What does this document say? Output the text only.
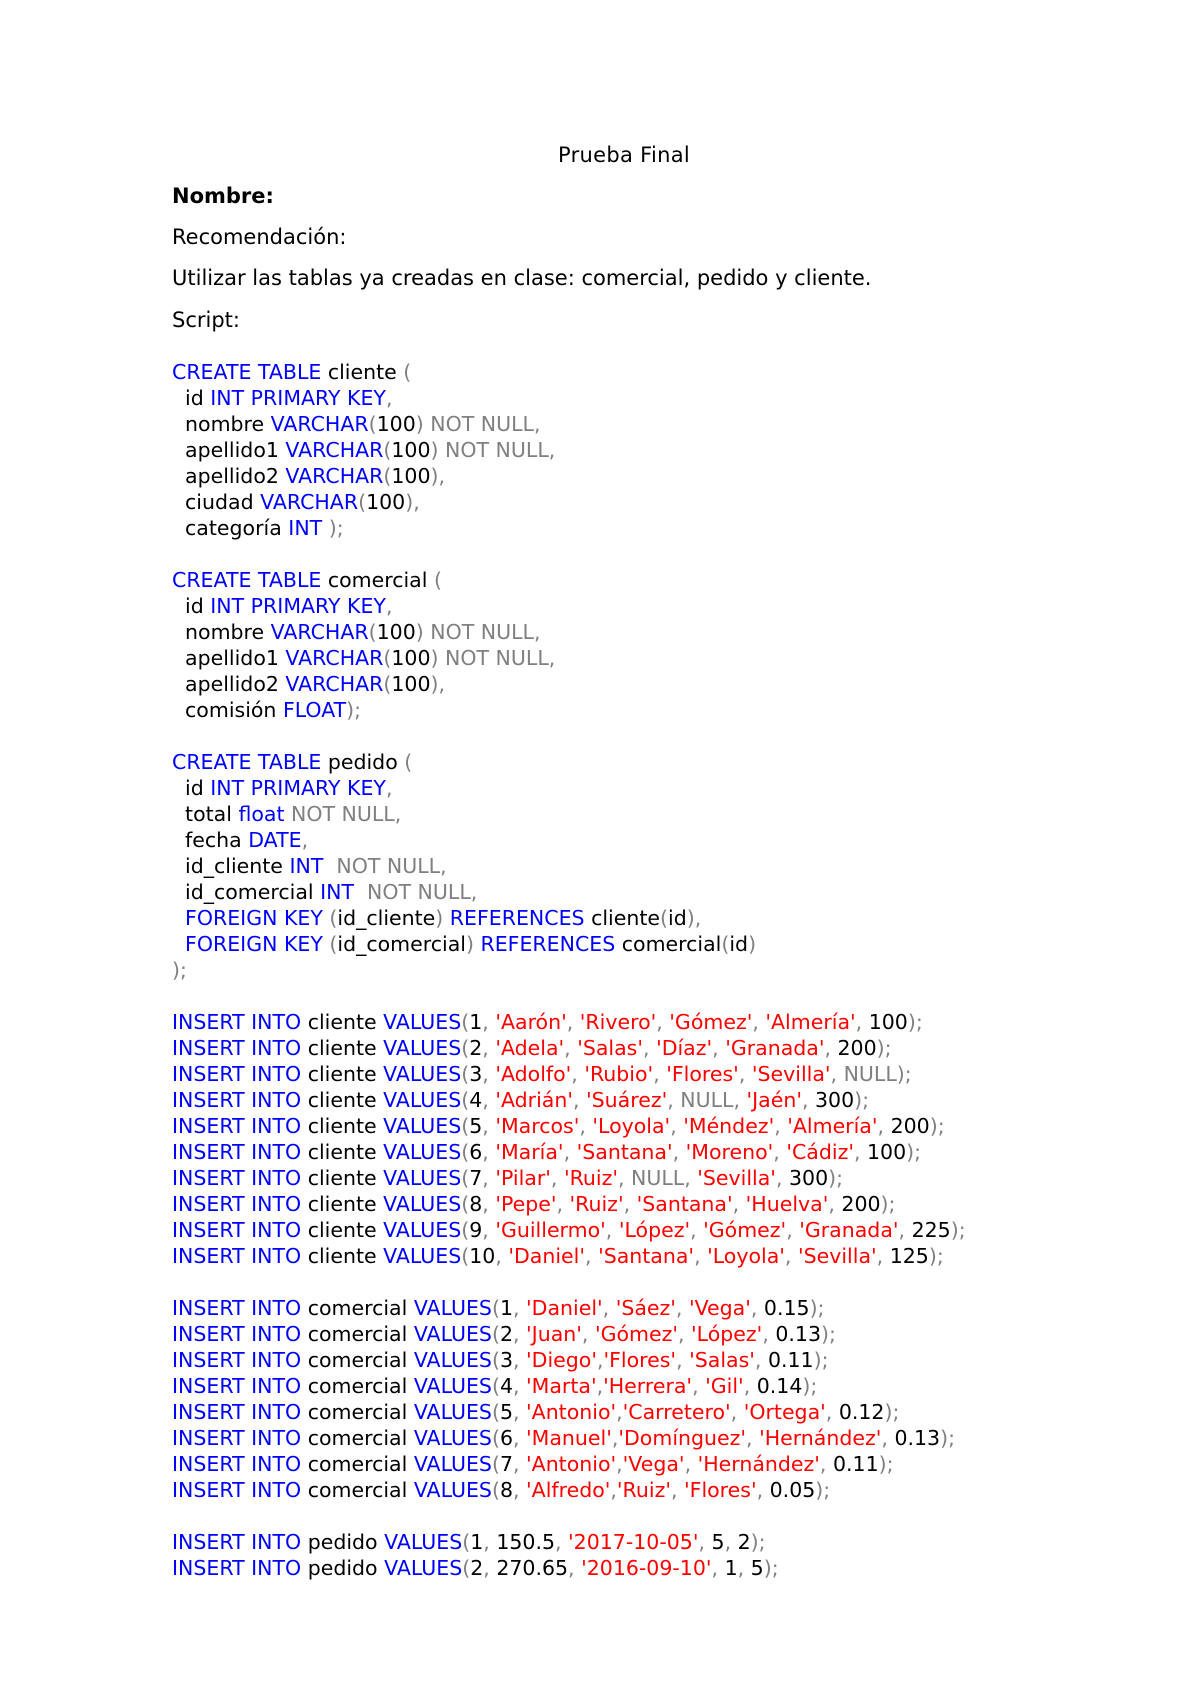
Prueba Final
Nombre:
Recomendación:
Utilizar las tablas ya creadas en clase: comercial, pedido y cliente.
Script:
CREATE TABLE cliente (
id INT PRIMARY KEY,
nombre VARCHAR(100) NOT NULL,
apellido1 VARCHAR(100) NOT NULL,
apellido2 VARCHAR(100),
ciudad VARCHAR(100),
categoría INT );
CREATE TABLE comercial (
id INT PRIMARY KEY,
nombre VARCHAR(100) NOT NULL,
apellido1 VARCHAR(100) NOT NULL,
apellido2 VARCHAR(100),
comisión FLOAT);
CREATE TABLE pedido (
id INT PRIMARY KEY,
total float NOT NULL,
fecha DATE,
id_cliente INT  NOT NULL,
id_comercial INT  NOT NULL,
FOREIGN KEY (id_cliente) REFERENCES cliente(id),
FOREIGN KEY (id_comercial) REFERENCES comercial(id)
);
INSERT INTO cliente VALUES(1, 'Aarón', 'Rivero', 'Gómez', 'Almería', 100);
INSERT INTO cliente VALUES(2, 'Adela', 'Salas', 'Díaz', 'Granada', 200);
INSERT INTO cliente VALUES(3, 'Adolfo', 'Rubio', 'Flores', 'Sevilla', NULL);
INSERT INTO cliente VALUES(4, 'Adrián', 'Suárez', NULL, 'Jaén', 300);
INSERT INTO cliente VALUES(5, 'Marcos', 'Loyola', 'Méndez', 'Almería', 200);
INSERT INTO cliente VALUES(6, 'María', 'Santana', 'Moreno', 'Cádiz', 100);
INSERT INTO cliente VALUES(7, 'Pilar', 'Ruiz', NULL, 'Sevilla', 300);
INSERT INTO cliente VALUES(8, 'Pepe', 'Ruiz', 'Santana', 'Huelva', 200);
INSERT INTO cliente VALUES(9, 'Guillermo', 'López', 'Gómez', 'Granada', 225);
INSERT INTO cliente VALUES(10, 'Daniel', 'Santana', 'Loyola', 'Sevilla', 125);
INSERT INTO comercial VALUES(1, 'Daniel', 'Sáez', 'Vega', 0.15);
INSERT INTO comercial VALUES(2, 'Juan', 'Gómez', 'López', 0.13);
INSERT INTO comercial VALUES(3, 'Diego','Flores', 'Salas', 0.11);
INSERT INTO comercial VALUES(4, 'Marta','Herrera', 'Gil', 0.14);
INSERT INTO comercial VALUES(5, 'Antonio','Carretero', 'Ortega', 0.12);
INSERT INTO comercial VALUES(6, 'Manuel','Domínguez', 'Hernández', 0.13);
INSERT INTO comercial VALUES(7, 'Antonio','Vega', 'Hernández', 0.11);
INSERT INTO comercial VALUES(8, 'Alfredo','Ruiz', 'Flores', 0.05);
INSERT INTO pedido VALUES(1, 150.5, '2017-10-05', 5, 2);
INSERT INTO pedido VALUES(2, 270.65, '2016-09-10', 1, 5);
